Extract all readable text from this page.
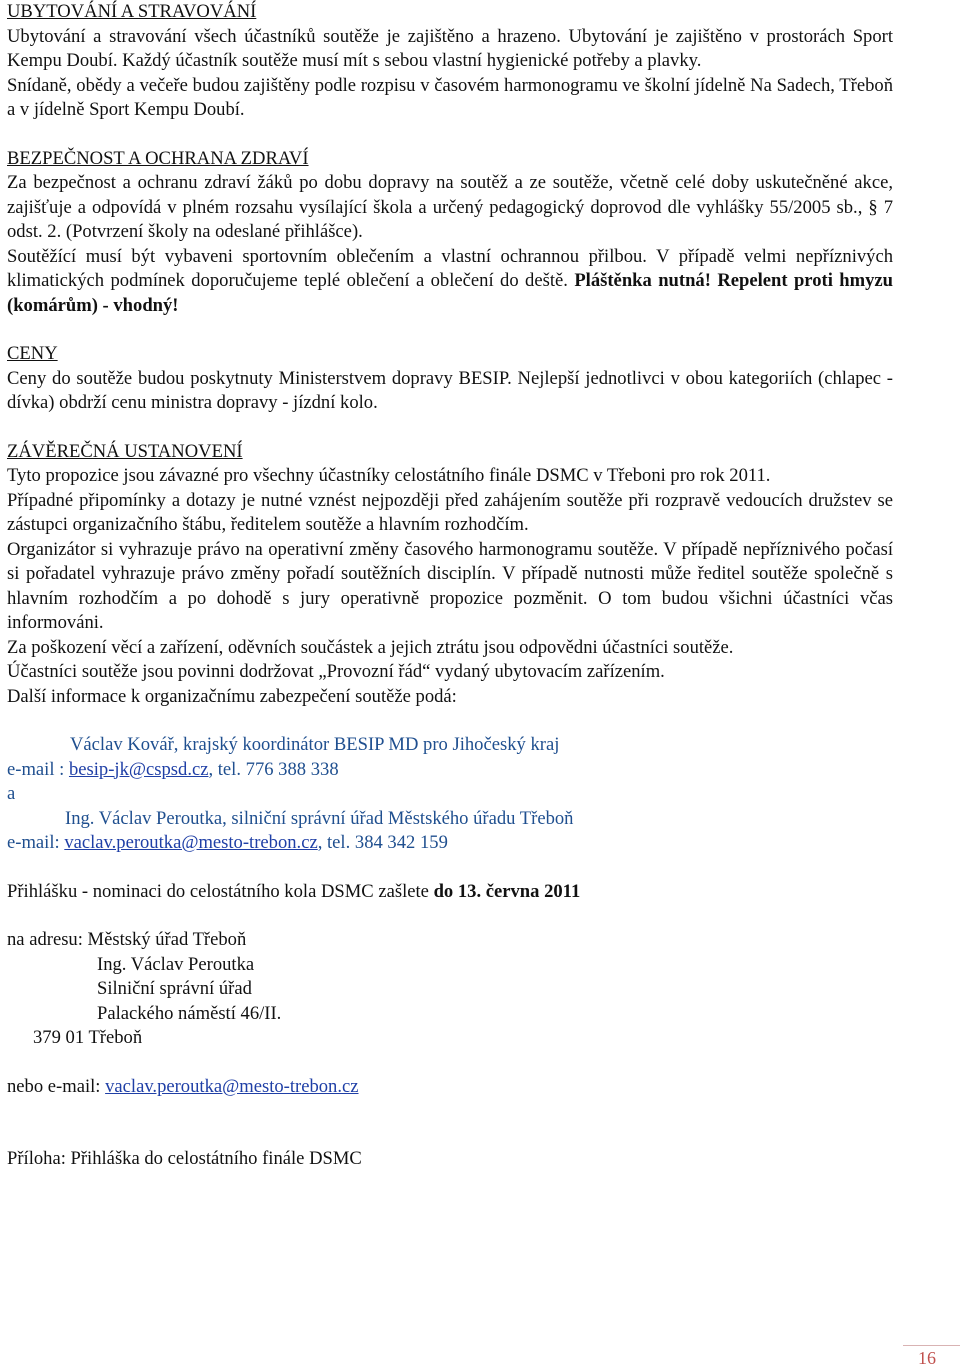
UBYTOVÁNÍ A STRAVOVÁNÍ

Ubytování a stravování všech účastníků soutěže je zajištěno a hrazeno. Ubytování je zajištěno v prostorách Sport Kempu Doubí. Každý účastník soutěže musí mít s sebou vlastní hygienické potřeby a plavky.

Snídaně, obědy a večeře budou zajištěny podle rozpisu v časovém harmonogramu ve školní jídelně Na Sadech, Třeboň a v jídelně Sport Kempu Doubí.

BEZPEČNOST A OCHRANA ZDRAVÍ

Za bezpečnost a ochranu zdraví žáků po dobu dopravy na soutěž a ze soutěže, včetně celé doby uskutečněné akce, zajišťuje a odpovídá v plném rozsahu vysílající škola a určený pedagogický doprovod dle vyhlášky 55/2005 sb., § 7 odst. 2. (Potvrzení školy na odeslané přihlášce).

Soutěžící musí být vybaveni sportovním oblečením a vlastní ochrannou přilbou. V případě velmi nepříznivých klimatických podmínek doporučujeme teplé oblečení a oblečení do deště. Pláštěnka nutná! Repelent proti hmyzu (komárům) - vhodný!

CENY

Ceny do soutěže budou poskytnuty Ministerstvem dopravy BESIP. Nejlepší jednotlivci v obou kategoriích (chlapec - dívka) obdrží cenu ministra dopravy - jízdní kolo.

ZÁVĚREČNÁ USTANOVENÍ

Tyto propozice jsou závazné pro všechny účastníky celostátního finále DSMC v Třeboni pro rok 2011.

Případné připomínky a dotazy je nutné vznést nejpozději před zahájením soutěže při rozpravě vedoucích družstev se zástupci organizačního štábu, ředitelem soutěže a hlavním rozhodčím.

Organizátor si vyhrazuje právo na operativní změny časového harmonogramu soutěže. V případě nepříznivého počasí si pořadatel vyhrazuje právo změny pořadí soutěžních disciplín. V případě nutnosti může ředitel soutěže společně s hlavním rozhodčím a po dohodě s jury operativně propozice pozměnit. O tom budou všichni účastníci včas informováni.

Za poškození věcí a zařízení, oděvních součástek a jejich ztrátu jsou odpovědni účastníci soutěže.

Účastníci soutěže jsou povinni dodržovat „Provozní řád“ vydaný ubytovacím zařízením.

Další informace k organizačnímu zabezpečení soutěže podá:

Václav Kovář, krajský koordinátor BESIP MD pro Jihočeský kraj

e-mail : besip-jk@cspsd.cz, tel. 776 388 338

a

Ing. Václav Peroutka, silniční správní úřad Městského úřadu Třeboň

e-mail: vaclav.peroutka@mesto-trebon.cz, tel. 384 342 159

Přihlášku - nominaci do celostátního kola DSMC zašlete do 13. června 2011

na adresu: Městský úřad Třeboň

Ing. Václav Peroutka

Silniční správní úřad

Palackého náměstí 46/II.

379 01 Třeboň

nebo e-mail: vaclav.peroutka@mesto-trebon.cz

Příloha: Přihláška do celostátního finále DSMC

16
